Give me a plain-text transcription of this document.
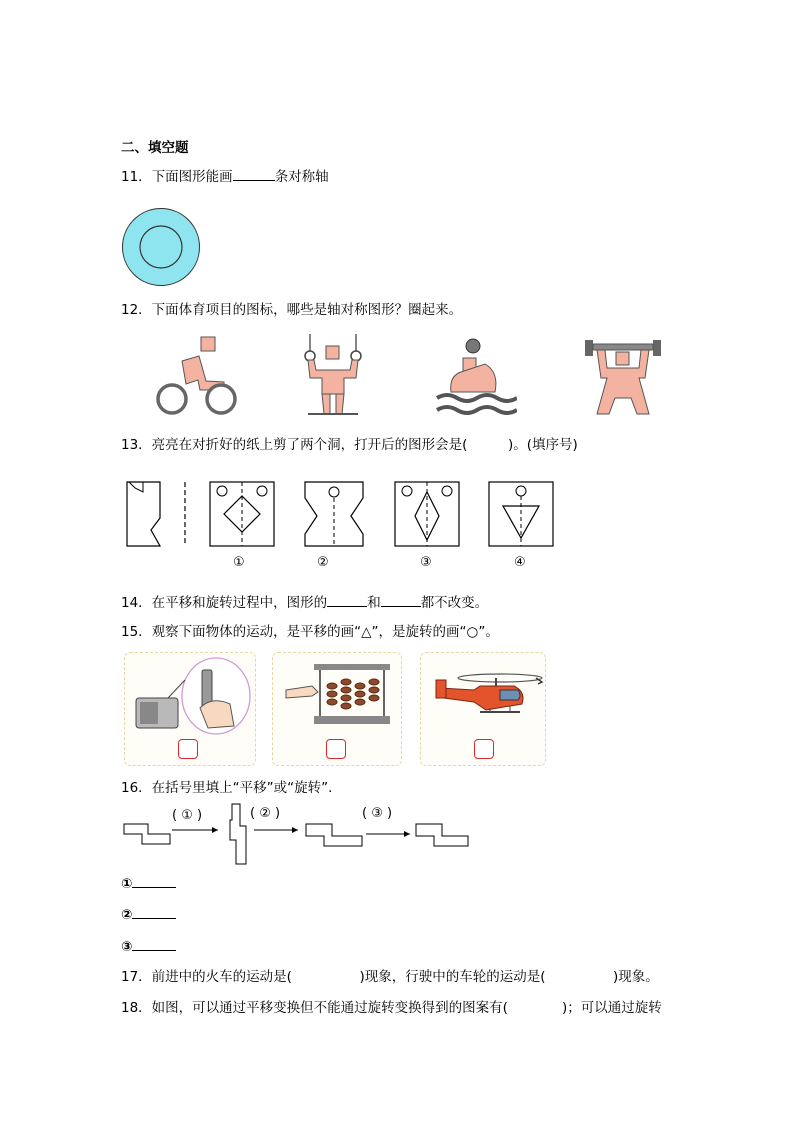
二、填空题
11．下面图形能画	条对称轴
12．下面体育项目的图标，哪些是轴对称图形？圈起来。
13．亮亮在对折好的纸上剪了两个洞，打开后的图形会是(　　　)。(填序号)
①	②	③	④
14．在平移和旋转过程中，图形的	和	都不改变。
15．观察下面物体的运动，是平移的画“△”，是旋转的画“○”。
16．在括号里填上“平移”或“旋转”.
( ① )	( ② )	( ③ )
①
②
③
17．前进中的火车的运动是(　　　　　)现象，行驶中的车轮的运动是(　　　　　)现象。
18．如图，可以通过平移变换但不能通过旋转变换得到的图案有(　　　　)；可以通过旋转
